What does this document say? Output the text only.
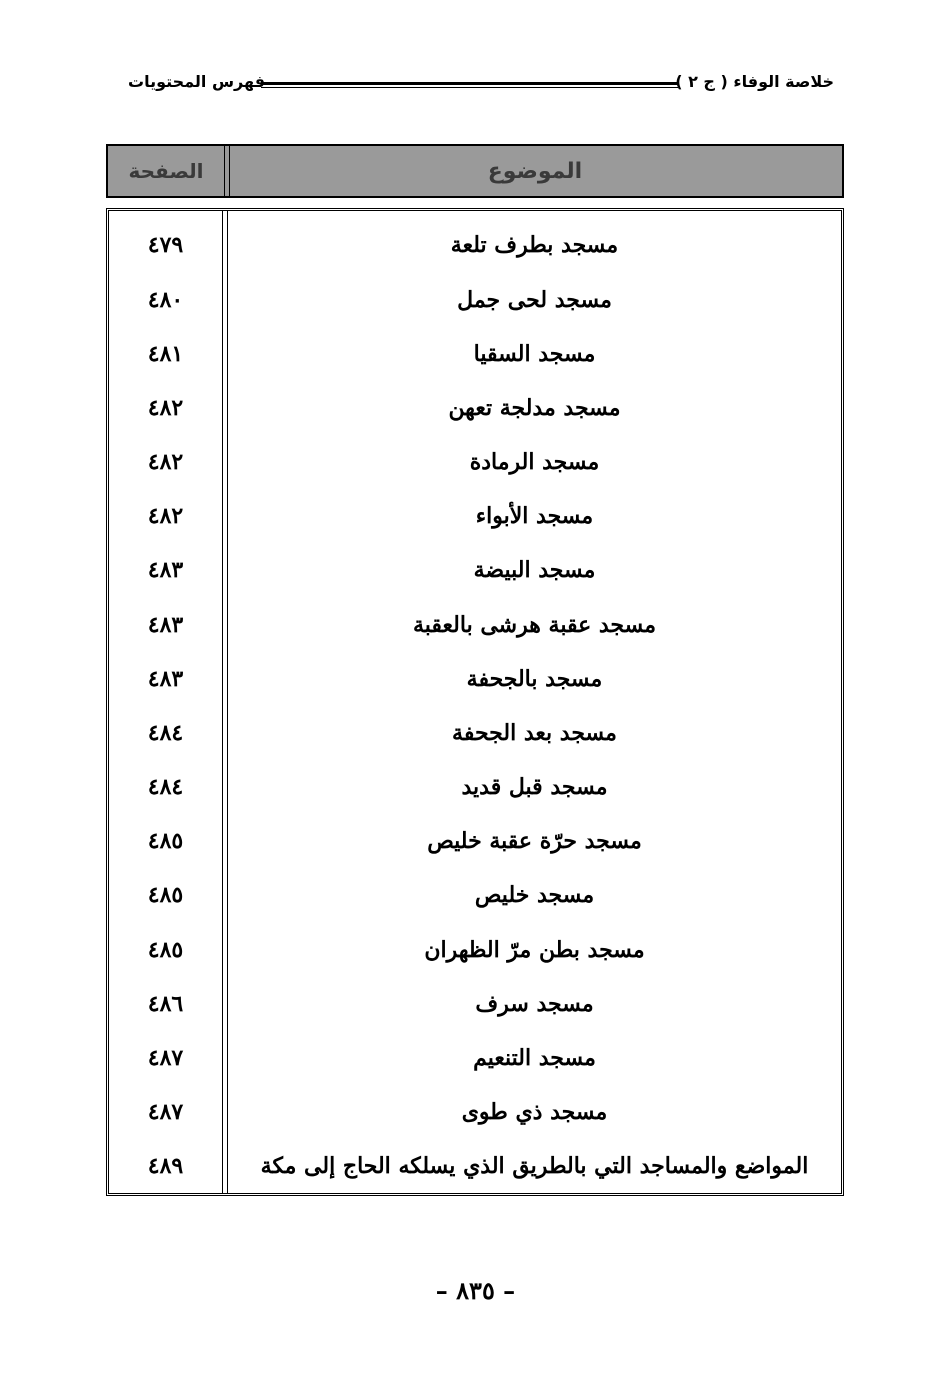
خلاصة الوفاء ( ج ٢ )
فهرس المحتويات
الموضوع
الصفحة
مسجد بطرف تلعة
٤٧٩
مسجد لحى جمل
٤٨٠
مسجد السقيا
٤٨١
مسجد مدلجة تعهن
٤٨٢
مسجد الرمادة
٤٨٢
مسجد الأبواء
٤٨٢
مسجد البيضة
٤٨٣
مسجد عقبة هرشى بالعقبة
٤٨٣
مسجد بالجحفة
٤٨٣
مسجد بعد الجحفة
٤٨٤
مسجد قبل قديد
٤٨٤
مسجد حرّة عقبة خليص
٤٨٥
مسجد خليص
٤٨٥
مسجد بطن مرّ الظهران
٤٨٥
مسجد سرف
٤٨٦
مسجد التنعيم
٤٨٧
مسجد ذي طوى
٤٨٧
المواضع والمساجد التي بالطريق الذي يسلكه الحاج إلى مكة
٤٨٩
– ٨٣٥ –
